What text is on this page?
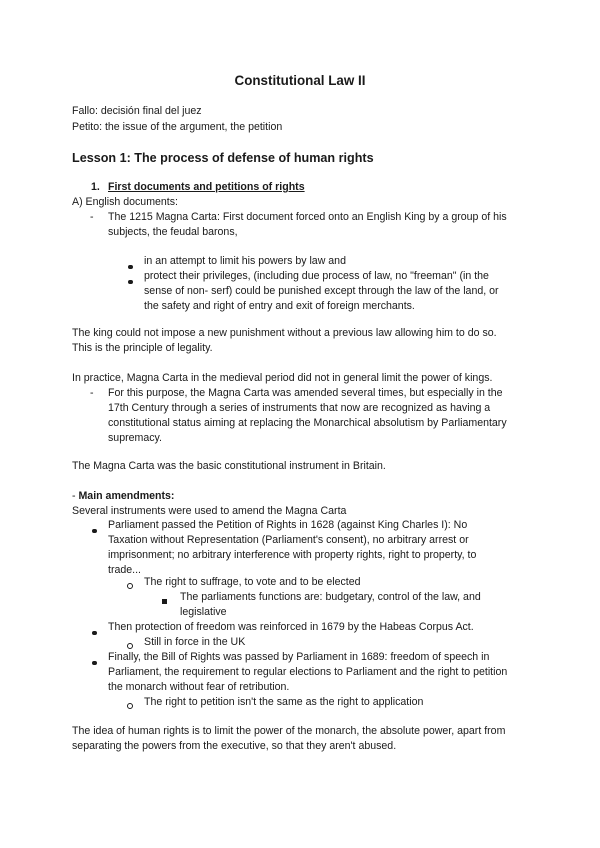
Constitutional Law II
Fallo: decisión final del juez
Petito: the issue of the argument, the petition
Lesson 1: The process of defense of human rights
1. First documents and petitions of rights
A) English documents:
- The 1215 Magna Carta: First document forced onto an English King by a group of his
subjects, the feudal barons,
in an attempt to limit his powers by law and
protect their privileges, (including due process of law, no "freeman" (in the
sense of non- serf) could be punished except through the law of the land, or
the safety and right of entry and exit of foreign merchants.
The king could not impose a new punishment without a previous law allowing him to do so.
This is the principle of legality.
In practice, Magna Carta in the medieval period did not in general limit the power of kings.
- For this purpose, the Magna Carta was amended several times, but especially in the
17th Century through a series of instruments that now are recognized as having a
constitutional status aiming at replacing the Monarchical absolutism by Parliamentary
supremacy.
The Magna Carta was the basic constitutional instrument in Britain.
- Main amendments:
Several instruments were used to amend the Magna Carta
Parliament passed the Petition of Rights in 1628 (against King Charles I): No
Taxation without Representation (Parliament's consent), no arbitrary arrest or
imprisonment; no arbitrary interference with property rights, right to property, to
trade...
The right to suffrage, to vote and to be elected
The parliaments functions are: budgetary, control of the law, and
legislative
Then protection of freedom was reinforced in 1679 by the Habeas Corpus Act.
Still in force in the UK
Finally, the Bill of Rights was passed by Parliament in 1689: freedom of speech in
Parliament, the requirement to regular elections to Parliament and the right to petition
the monarch without fear of retribution.
The right to petition isn't the same as the right to application
The idea of human rights is to limit the power of the monarch, the absolute power, apart from
separating the powers from the executive, so that they aren't abused.
